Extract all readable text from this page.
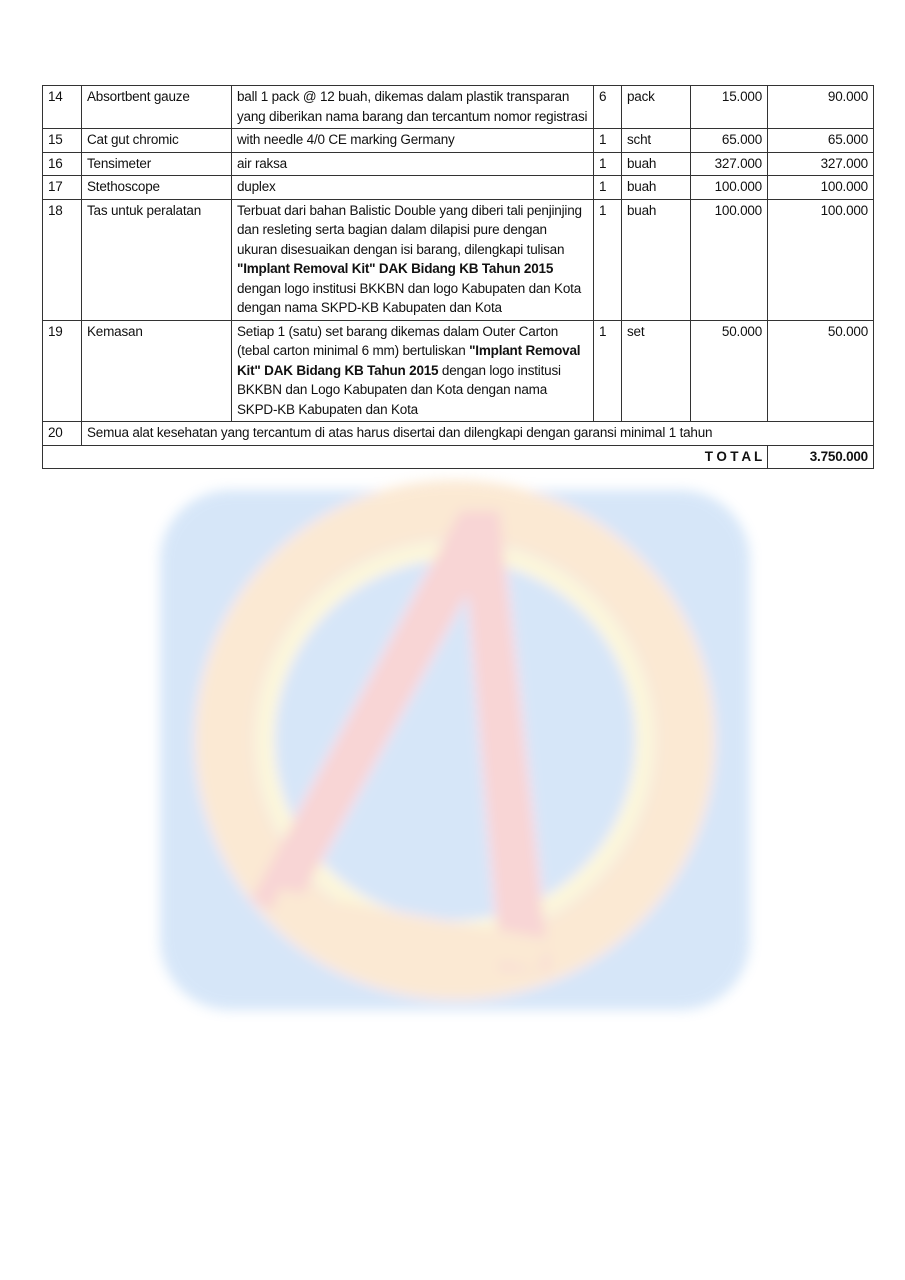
14	Absortbent gauze	ball 1 pack @ 12 buah, dikemas dalam plastik transparan yang diberikan nama barang dan tercantum nomor registrasi	6	pack	15.000	90.000
15	Cat gut chromic	with needle 4/0 CE marking Germany	1	scht	65.000	65.000
16	Tensimeter	air raksa	1	buah	327.000	327.000
17	Stethoscope	duplex	1	buah	100.000	100.000
18	Tas untuk peralatan	Terbuat dari bahan Balistic Double yang diberi tali penjinjing dan resleting serta bagian dalam dilapisi pure dengan ukuran disesuaikan dengan isi barang, dilengkapi tulisan "Implant Removal Kit" DAK Bidang KB Tahun 2015 dengan logo institusi BKKBN dan logo Kabupaten dan Kota dengan nama SKPD-KB Kabupaten dan Kota	1	buah	100.000	100.000
19	Kemasan	Setiap 1 (satu) set barang dikemas dalam Outer Carton (tebal carton minimal 6 mm) bertuliskan "Implant Removal Kit" DAK Bidang KB Tahun 2015 dengan logo institusi BKKBN dan Logo Kabupaten dan Kota dengan nama SKPD-KB Kabupaten dan Kota	1	set	50.000	50.000
20	Semua alat kesehatan yang tercantum di atas harus disertai dan dilengkapi dengan garansi minimal 1 tahun					
T O T A L						3.750.000
